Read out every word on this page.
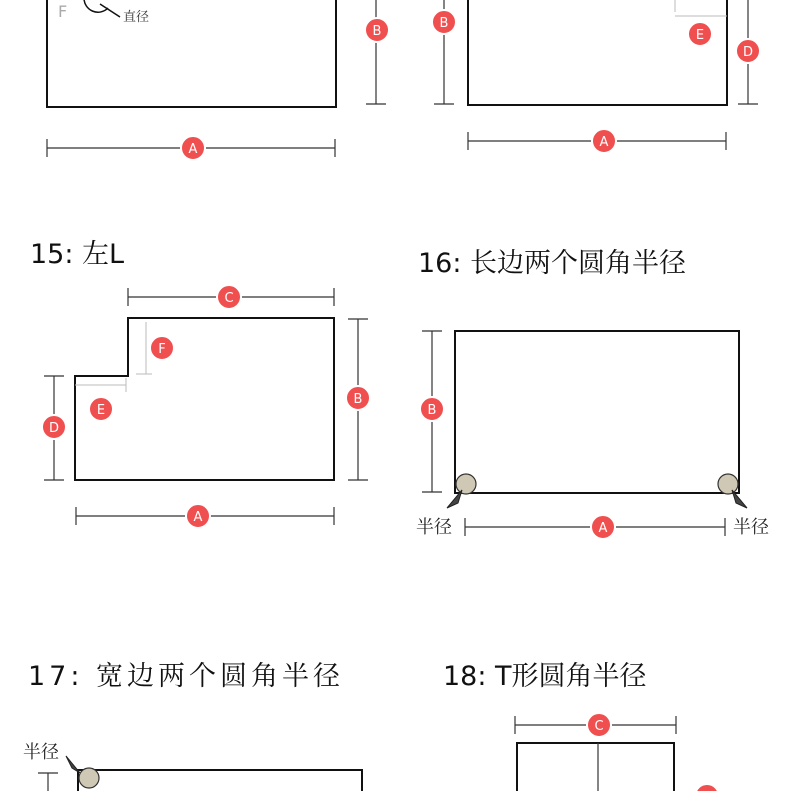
F	直径
B
A
B
D
E
A
15: 左L
F
E
C
B
D
A
16: 长边两个圆角半径
B
半径	半径
A
17: 宽边两个圆角半径
半径
18: T形圆角半径
C
